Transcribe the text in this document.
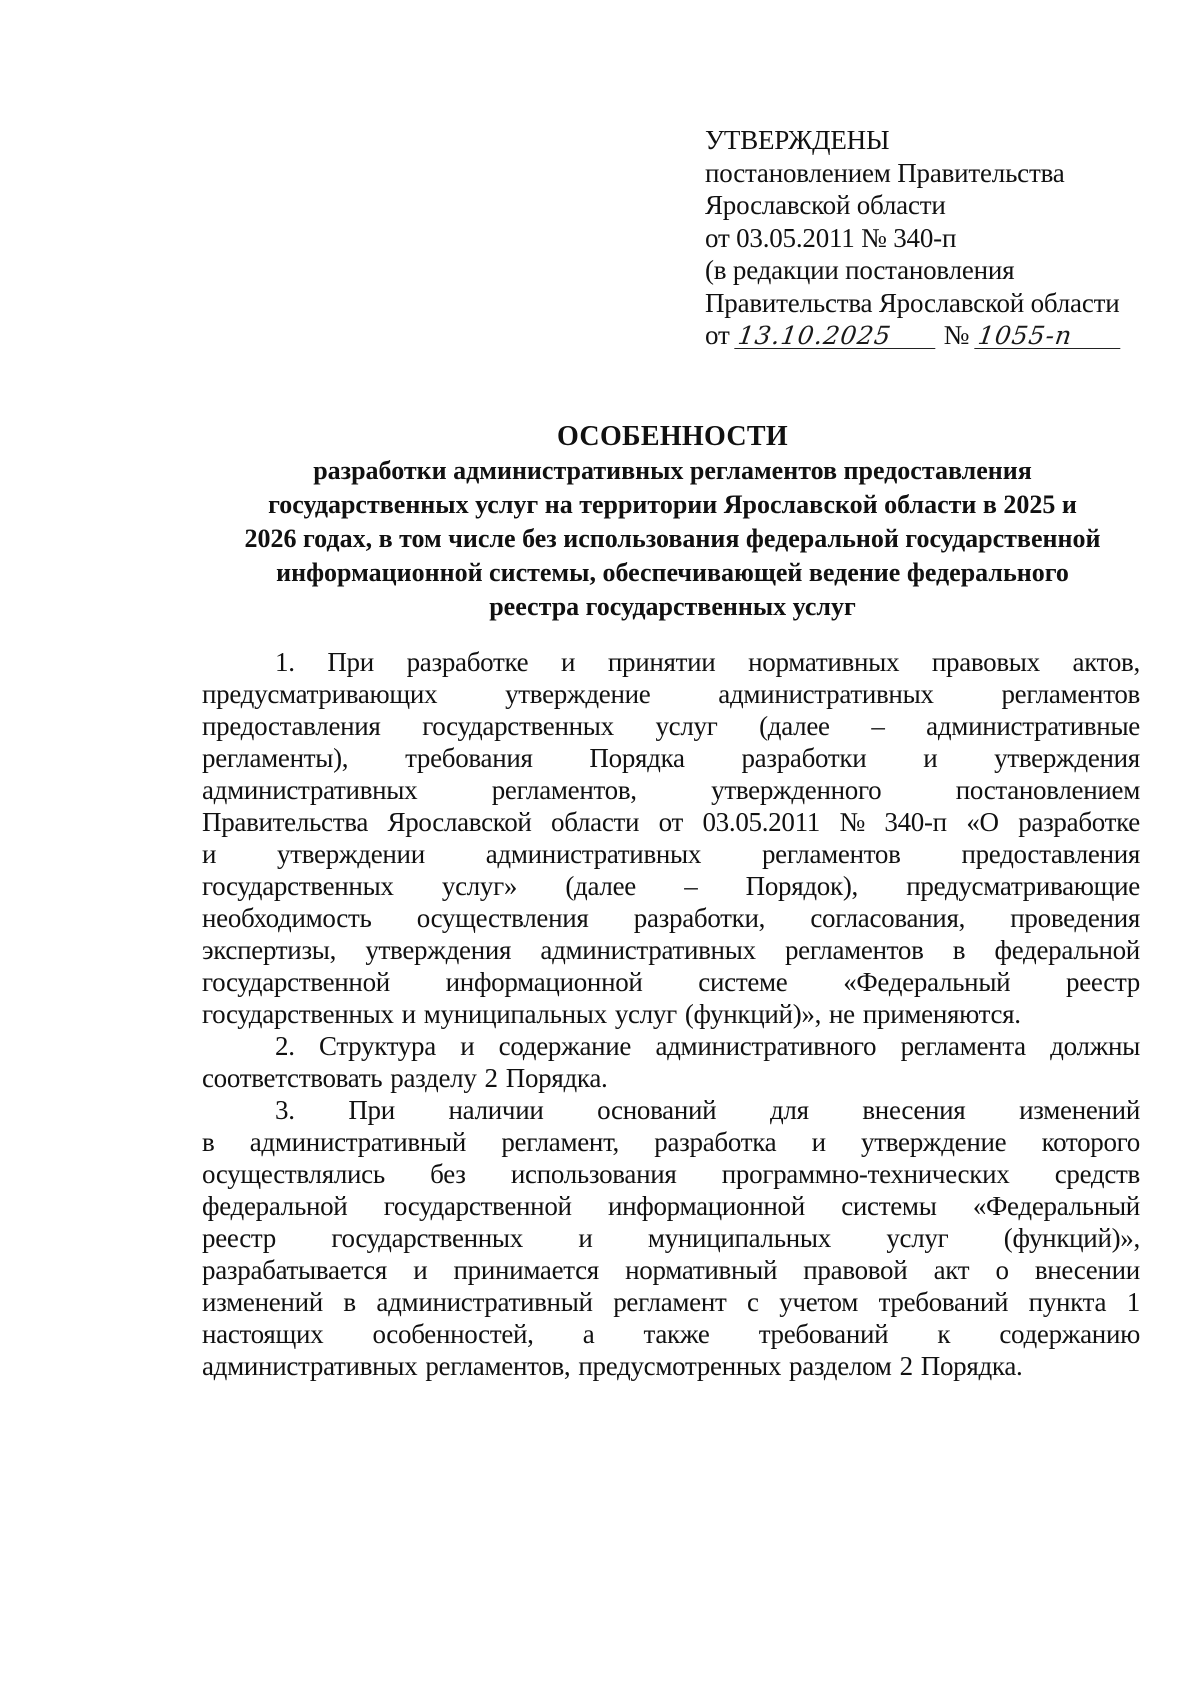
УТВЕРЖДЕНЫ
постановлением Правительства
Ярославской области
от 03.05.2011 № 340-п
(в редакции постановления
Правительства Ярославской области
от 13.10.2025 № 1055-п
ОСОБЕННОСТИ
разработки административных регламентов предоставления
государственных услуг на территории Ярославской области в 2025 и
2026 годах, в том числе без использования федеральной государственной
информационной системы, обеспечивающей ведение федерального
реестра государственных услуг
1. При разработке и принятии нормативных правовых актов,
предусматривающих	утверждение	административных	регламентов
предоставления государственных услуг (далее – административные
регламенты), требования Порядка разработки и утверждения
административных	регламентов,	утвержденного	постановлением
Правительства Ярославской области от 03.05.2011 № 340-п «О разработке
и утверждении административных регламентов предоставления
государственных услуг» (далее – Порядок), предусматривающие
необходимость осуществления разработки, согласования, проведения
экспертизы, утверждения административных регламентов в федеральной
государственной информационной системе «Федеральный реестр
государственных и муниципальных услуг (функций)», не применяются.
2. Структура и содержание административного регламента должны
соответствовать разделу 2 Порядка.
3. При наличии оснований для внесения изменений
в административный регламент, разработка и утверждение которого
осуществлялись без использования программно-технических средств
федеральной государственной информационной системы «Федеральный
реестр государственных и муниципальных услуг (функций)»,
разрабатывается и принимается нормативный правовой акт о внесении
изменений в административный регламент с учетом требований пункта 1
настоящих особенностей, а также требований к содержанию
административных регламентов, предусмотренных разделом 2 Порядка.
